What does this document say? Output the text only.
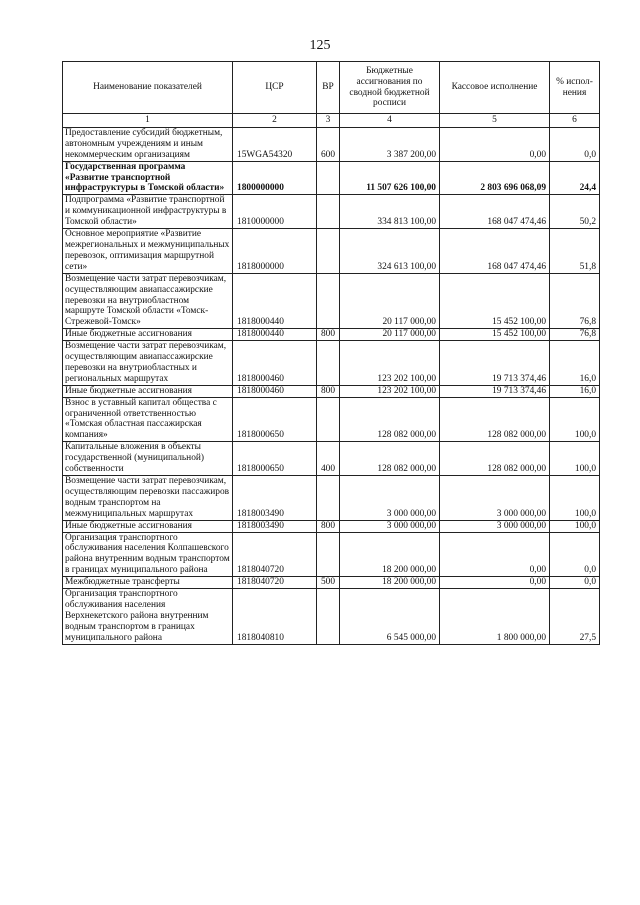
125
Наименование показателей	ЦСР	ВР	Бюджетные ассигнования по сводной бюджетной росписи	Кассовое исполнение	% испол-нения
1	2	3	4	5	6
Предоставление субсидий бюджетным, автономным учреждениям и иным некоммерческим организациям	15WGA54320	600	3 387 200,00	0,00	0,0
Государственная программа «Развитие транспортной инфраструктуры в Томской области»	1800000000		11 507 626 100,00	2 803 696 068,09	24,4
Подпрограмма «Развитие транспортной и коммуникационной инфраструктуры в Томской области»	1810000000		334 813 100,00	168 047 474,46	50,2
Основное мероприятие «Развитие межрегиональных и межмуниципальных перевозок, оптимизация маршрутной сети»	1818000000		324 613 100,00	168 047 474,46	51,8
Возмещение части затрат перевозчикам, осуществляющим авиапассажирские перевозки на внутриобластном маршруте Томской области «Томск-Стрежевой-Томск»	1818000440		20 117 000,00	15 452 100,00	76,8
Иные бюджетные ассигнования	1818000440	800	20 117 000,00	15 452 100,00	76,8
Возмещение части затрат перевозчикам, осуществляющим авиапассажирские перевозки на внутриобластных и региональных маршрутах	1818000460		123 202 100,00	19 713 374,46	16,0
Иные бюджетные ассигнования	1818000460	800	123 202 100,00	19 713 374,46	16,0
Взнос в уставный капитал общества с ограниченной ответственностью «Томская областная пассажирская компания»	1818000650		128 082 000,00	128 082 000,00	100,0
Капитальные вложения в объекты государственной (муниципальной) собственности	1818000650	400	128 082 000,00	128 082 000,00	100,0
Возмещение части затрат перевозчикам, осуществляющим перевозки пассажиров водным транспортом на межмуниципальных маршрутах	1818003490		3 000 000,00	3 000 000,00	100,0
Иные бюджетные ассигнования	1818003490	800	3 000 000,00	3 000 000,00	100,0
Организация транспортного обслуживания населения Колпашевского района внутренним водным транспортом в границах муниципального района	1818040720		18 200 000,00	0,00	0,0
Межбюджетные трансферты	1818040720	500	18 200 000,00	0,00	0,0
Организация транспортного обслуживания населения Верхнекетского района внутренним водным транспортом в границах муниципального района	1818040810		6 545 000,00	1 800 000,00	27,5
